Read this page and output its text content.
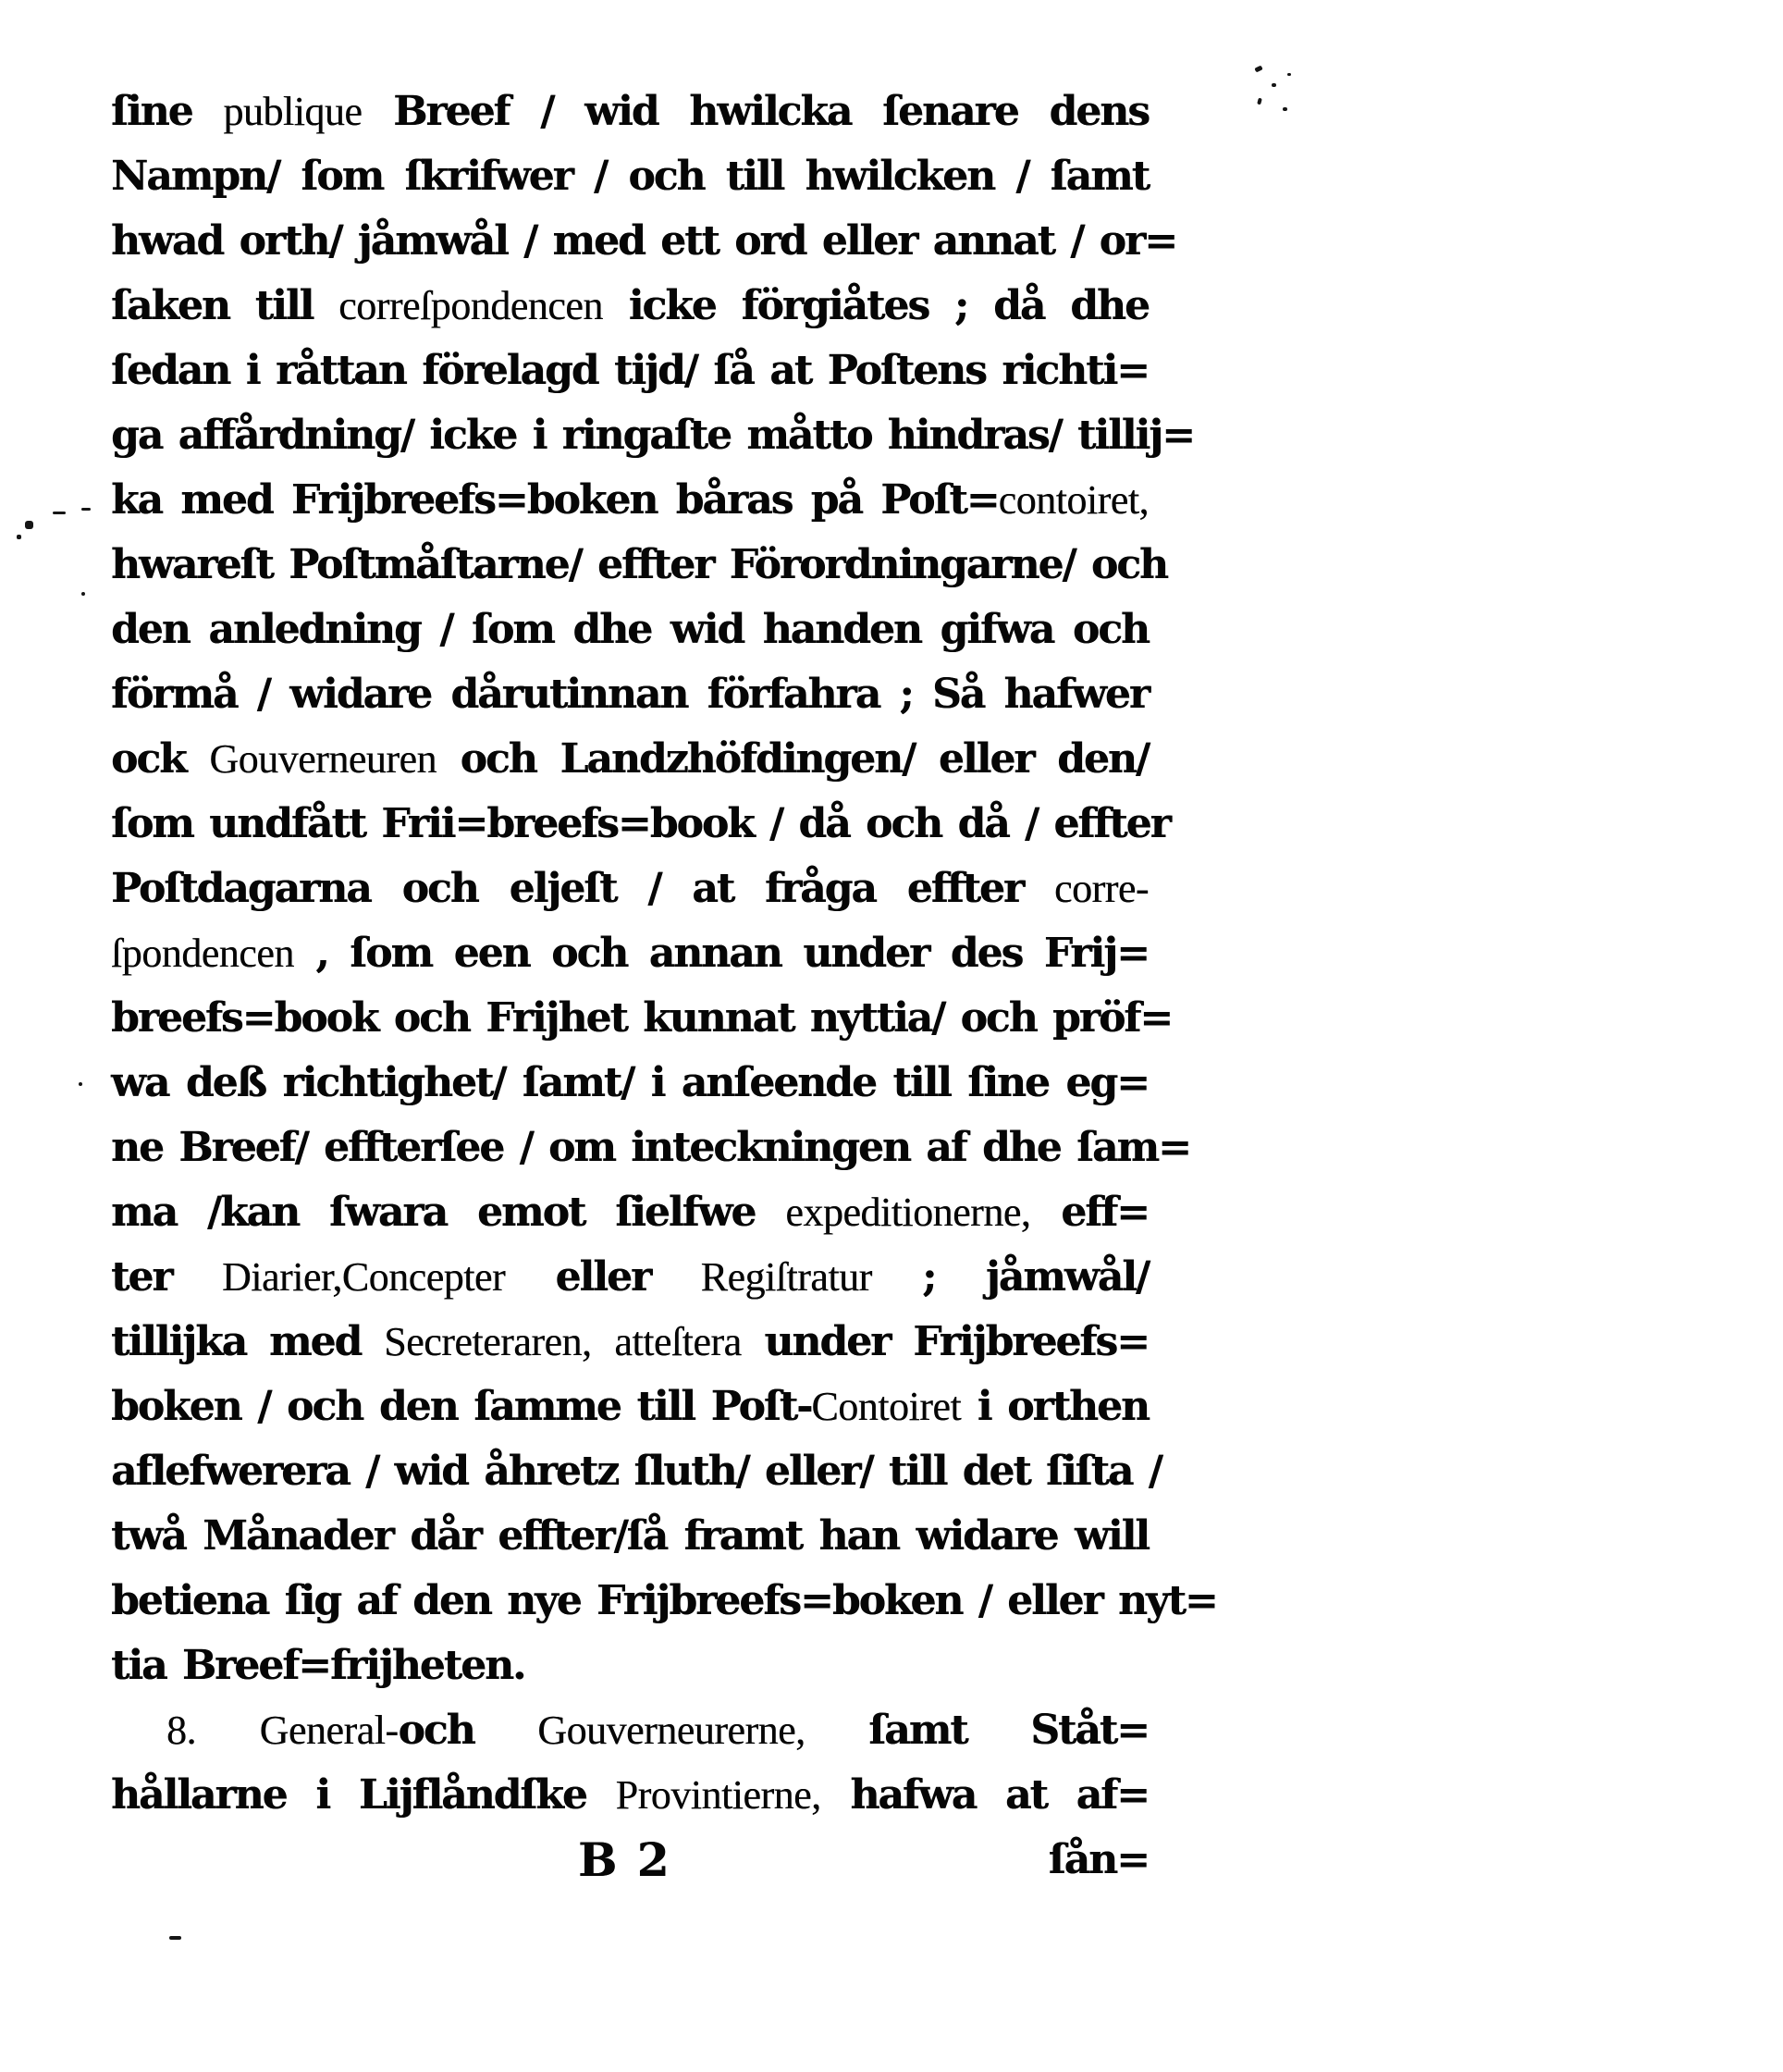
ſine publique Breef / wid hwilcka ſenare dens
Nampn/ ſom ſkrifwer / och till hwilcken / ſamt
hwad orth/ jåmwål / med ett ord eller annat / or=
ſaken till correſpondencen icke förgiåtes ; då dhe
ſedan i råttan förelagd tijd/ ſå at Poſtens richti=
ga affårdning/ icke i ringaſte måtto hindras/ tillij=
ka med Frijbreefs=boken båras på Poſt=contoiret,
hwareſt Poſtmåſtarne/ effter Förordningarne/ och
den anledning / ſom dhe wid handen gifwa och
förmå / widare dårutinnan förfahra ; Så hafwer
ock Gouverneuren och Landzhöfdingen/ eller den/
ſom undfått Frii=breefs=book / då och då / effter
Poſtdagarna och eljeſt / at fråga effter corre-
ſpondencen , ſom een och annan under des Frij=
breefs=book och Frijhet kunnat nyttia/ och pröf=
wa deß richtighet/ ſamt/ i anſeende till ſine eg=
ne Breef/ effterſee / om inteckningen af dhe ſam=
ma /kan ſwara emot ſielfwe expeditionerne, eff=
ter Diarier,Concepter eller Regiſtratur ; jåmwål/
tillijka med Secreteraren, atteſtera under Frijbreefs=
boken / och den ſamme till Poſt-Contoiret i orthen
aflefwerera / wid åhretz ſluth/ eller/ till det ſiſta /
twå Månader dår effter/ſå framt han widare will
betiena ſig af den nye Frijbreefs=boken / eller nyt=
tia Breef=frijheten.
8. General-och Gouverneurerne, ſamt Ståt=
hållarne i Lijflåndſke Provintierne, hafwa at af=
B 2	ſån=
